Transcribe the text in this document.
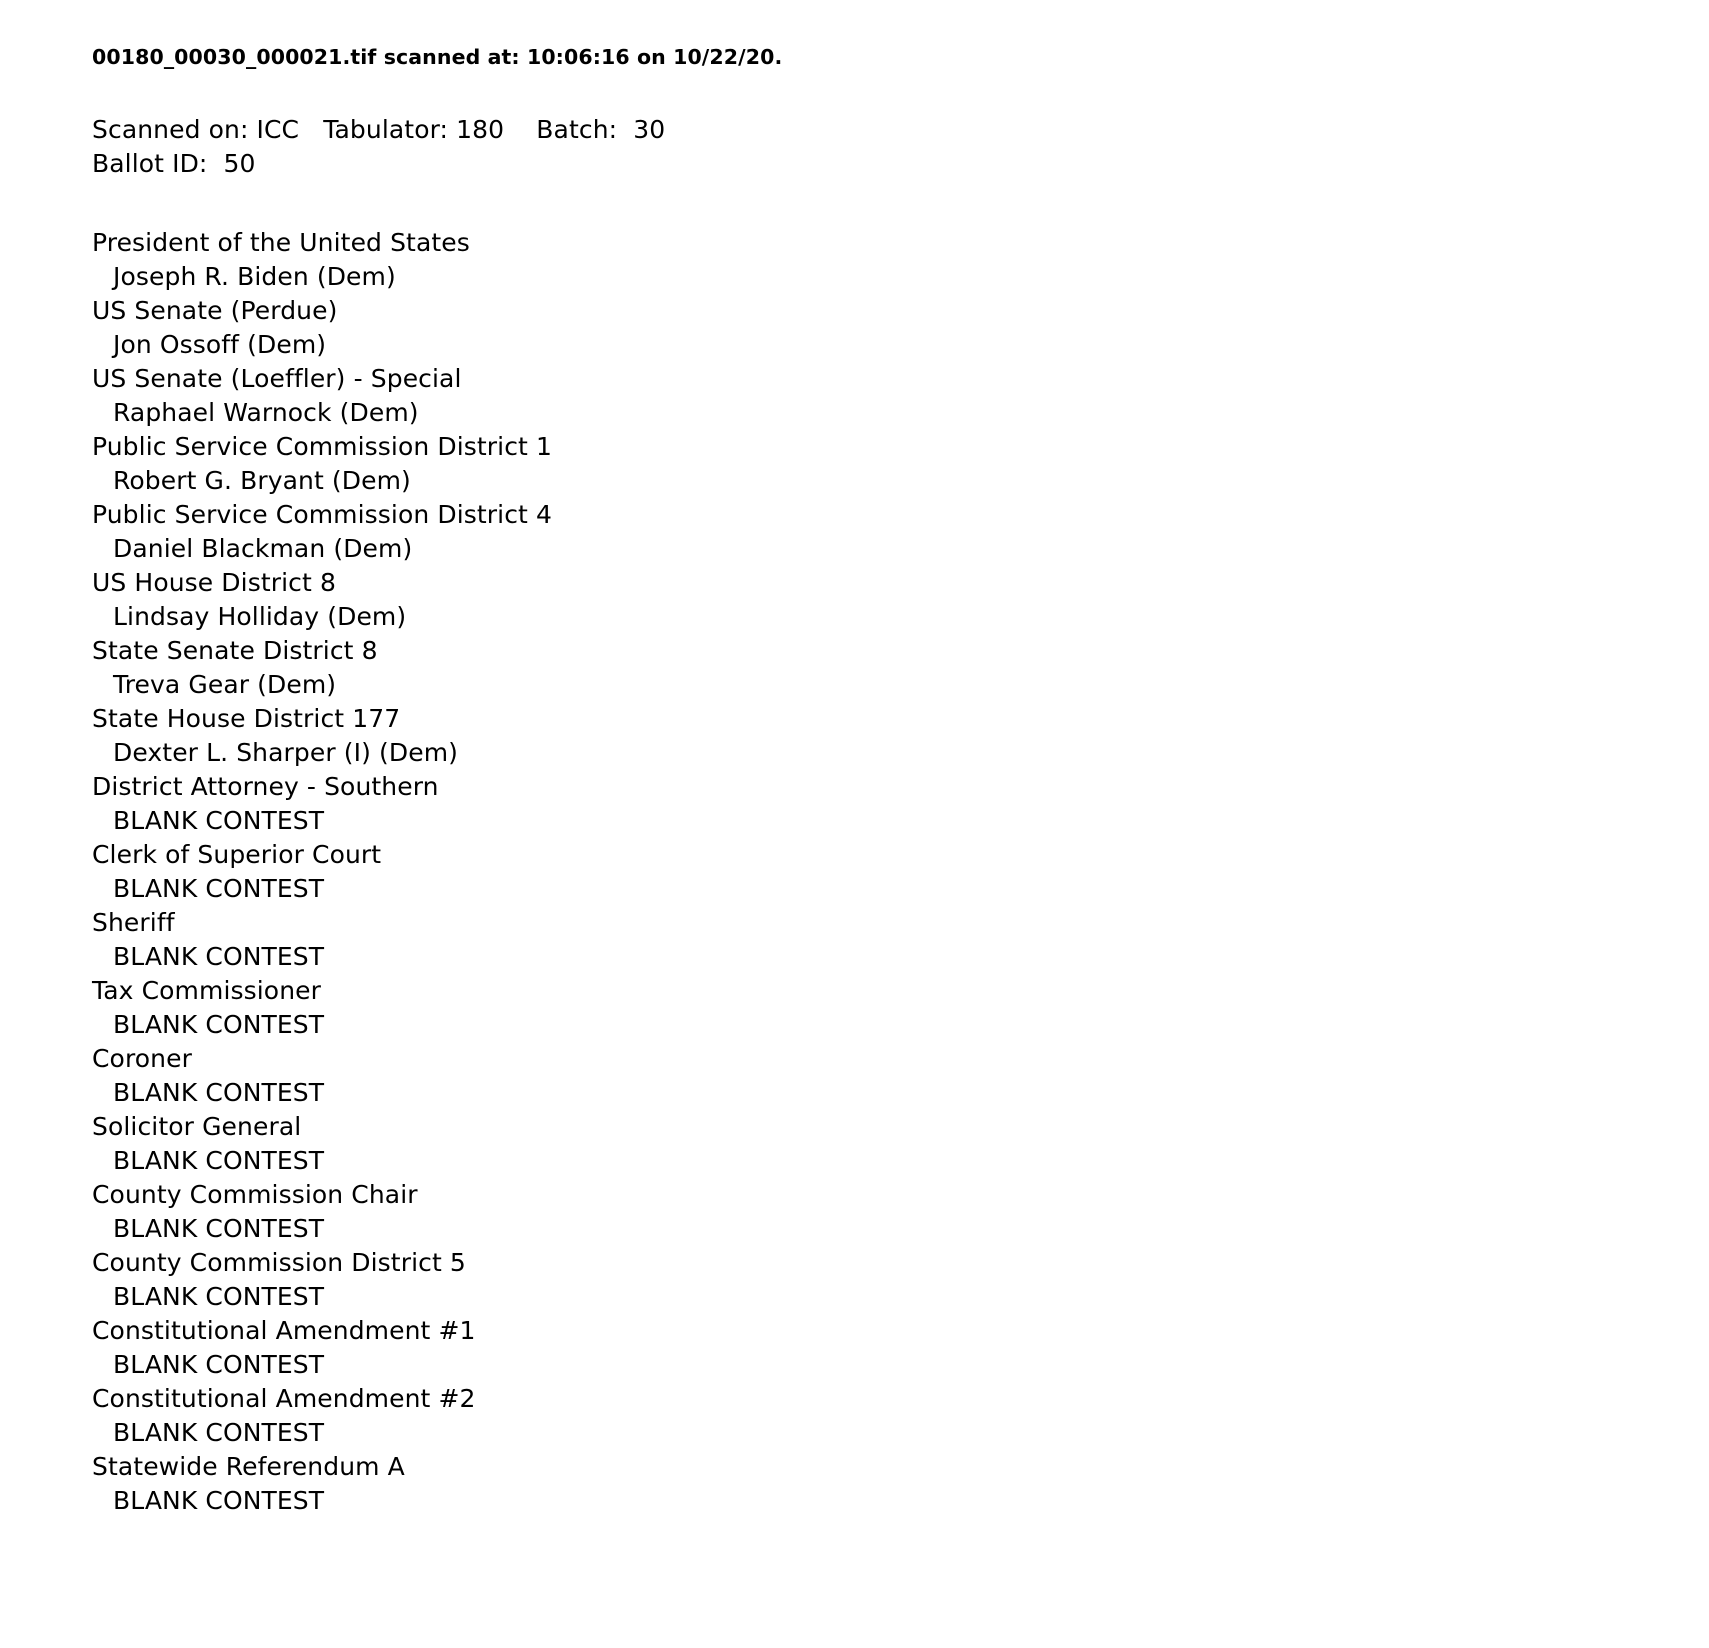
00180_00030_000021.tif scanned at: 10:06:16 on 10/22/20.
Scanned on: ICC   Tabulator: 180    Batch:  30
Ballot ID:  50
President of the United States
Joseph R. Biden (Dem)
US Senate (Perdue)
Jon Ossoff (Dem)
US Senate (Loeffler) - Special
Raphael Warnock (Dem)
Public Service Commission District 1
Robert G. Bryant (Dem)
Public Service Commission District 4
Daniel Blackman (Dem)
US House District 8
Lindsay Holliday (Dem)
State Senate District 8
Treva Gear (Dem)
State House District 177
Dexter L. Sharper (I) (Dem)
District Attorney - Southern
BLANK CONTEST
Clerk of Superior Court
BLANK CONTEST
Sheriff
BLANK CONTEST
Tax Commissioner
BLANK CONTEST
Coroner
BLANK CONTEST
Solicitor General
BLANK CONTEST
County Commission Chair
BLANK CONTEST
County Commission District 5
BLANK CONTEST
Constitutional Amendment #1
BLANK CONTEST
Constitutional Amendment #2
BLANK CONTEST
Statewide Referendum A
BLANK CONTEST
